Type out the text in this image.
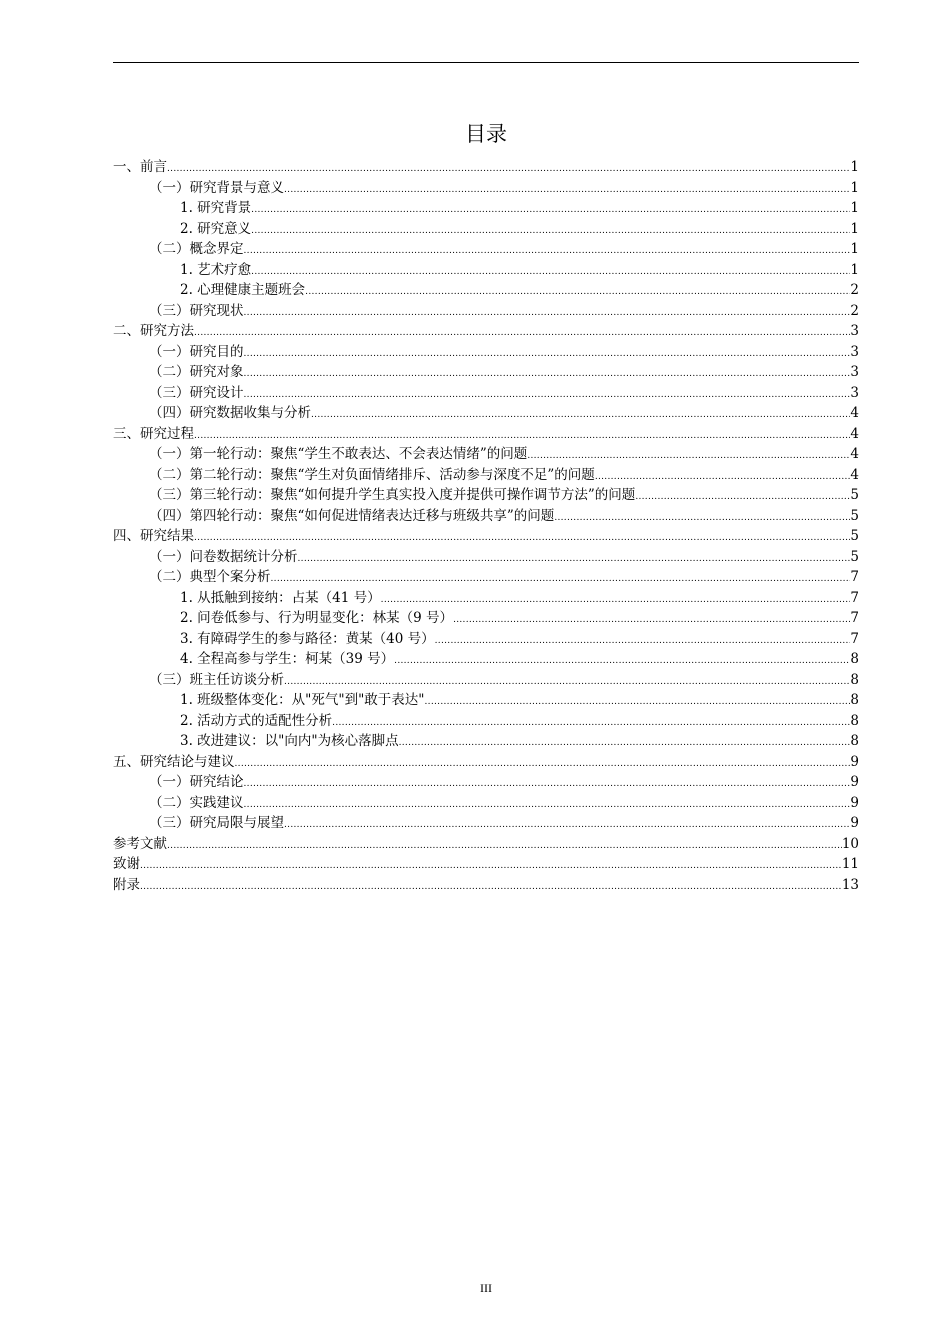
目录
一、前言 .....	1
（一）研究背景与意义 .....	1
1. 研究背景 .....	1
2. 研究意义 .....	1
（二）概念界定 .....	1
1. 艺术疗愈 .....	1
2. 心理健康主题班会 .....	2
（三）研究现状 .....	2
二、研究方法 .....	3
（一）研究目的 .....	3
（二）研究对象 .....	3
（三）研究设计 .....	3
（四）研究数据收集与分析 .....	4
三、研究过程 .....	4
（一）第一轮行动：聚焦“学生不敢表达、不会表达情绪”的问题 .....	4
（二）第二轮行动：聚焦“学生对负面情绪排斥、活动参与深度不足”的问题 .....	4
（三）第三轮行动：聚焦“如何提升学生真实投入度并提供可操作调节方法”的问题 .....	5
（四）第四轮行动：聚焦“如何促进情绪表达迁移与班级共享”的问题 .....	5
四、研究结果 .....	5
（一）问卷数据统计分析 .....	5
（二）典型个案分析 .....	7
1. 从抵触到接纳：占某（41 号） .....	7
2. 问卷低参与、行为明显变化：林某（9 号） .....	7
3. 有障碍学生的参与路径：黄某（40 号） .....	7
4. 全程高参与学生：柯某（39 号） .....	8
（三）班主任访谈分析 .....	8
1. 班级整体变化：从"死气"到"敢于表达" .....	8
2. 活动方式的适配性分析 .....	8
3. 改进建议：以"向内"为核心落脚点 .....	8
五、研究结论与建议 .....	9
（一）研究结论 .....	9
（二）实践建议 .....	9
（三）研究局限与展望 .....	9
参考文献 .....	10
致谢 .....	11
附录 .....	13
III
